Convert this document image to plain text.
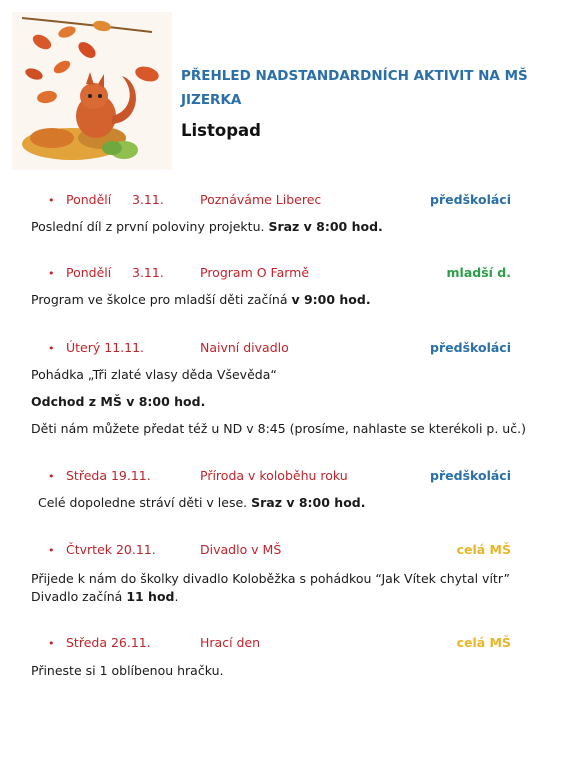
PŘEHLED NADSTANDARDNÍCH AKTIVIT NA MŠ JIZERKA
Listopad
• Pondělí 3.11.	Poznáváme Liberec	předškoláci
Poslední díl z první poloviny projektu. Sraz v 8:00 hod.
• Pondělí 3.11.	Program O Farmě	mladší d.
Program ve školce pro mladší děti začíná v 9:00 hod.
• Úterý 11.11.	Naivní divadlo	předškoláci
Pohádka „Tři zlaté vlasy děda Vševěda“
Odchod z MŠ v 8:00 hod.
Děti nám můžete předat též u ND v 8:45 (prosíme, nahlaste se kterékoli p. uč.)
• Středa 19.11.	Příroda v koloběhu roku	předškoláci
Celé dopoledne stráví děti v lese. Sraz v 8:00 hod.
• Čtvrtek 20.11.	Divadlo v MŠ	celá MŠ
Přijede k nám do školky divadlo Koloběžka s pohádkou “Jak Vítek chytal vítr”
Divadlo začíná 11 hod.
• Středa 26.11.	Hrací den	celá MŠ
Přineste si 1 oblíbenou hračku.
